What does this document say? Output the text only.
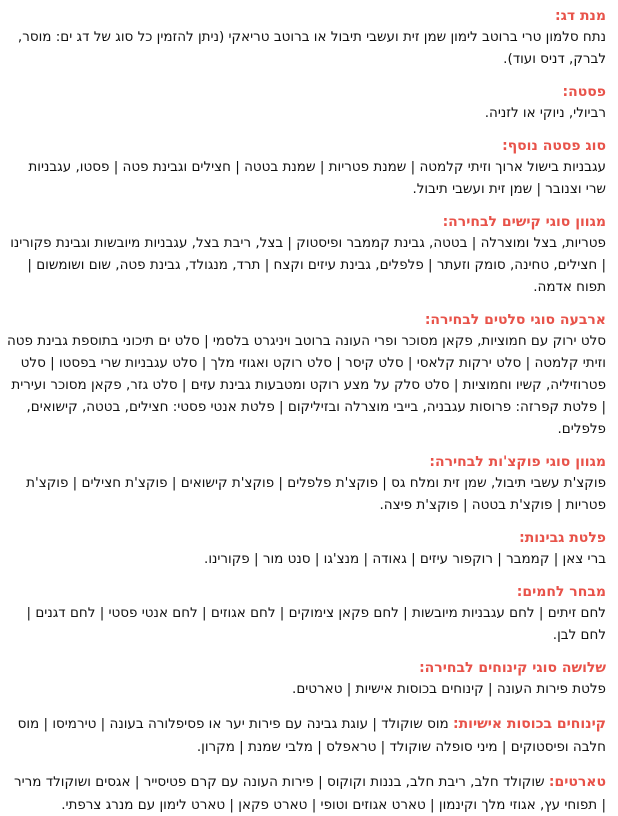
מנת דג:
נתח סלמון טרי ברוטב לימון שמן זית ועשבי תיבול או ברוטב טריאקי (ניתן להזמין כל סוג של דג ים: מוסר, לברק, דניס ועוד).
פסטה:
רביולי, ניוקי או לזניה.
סוג פסטה נוסף:
עגבניות בישול ארוך וזיתי קלמטה | שמנת פטריות | שמנת בטטה | חצילים וגבינת פטה | פסטו, עגבניות שרי וצנובר | שמן זית ועשבי תיבול.
מגוון סוגי קישים לבחירה:
פטריות, בצל ומוצרלה | בטטה, גבינת קממבר ופיסטוק | בצל, ריבת בצל, עגבניות מיובשות וגבינת פקורינו | חצילים, טחינה, סומק וזעתר | פלפלים, גבינת עיזים וקצח | תרד, מנגולד, גבינת פטה, שום ושומשום | תפוח אדמה.
ארבעה סוגי סלטים לבחירה:
סלט ירוק עם חמוציות, פקאן מסוכר ופרי העונה ברוטב ויניגרט בלסמי | סלט ים תיכוני בתוספת גבינת פטה וזיתי קלמטה | סלט ירקות קלאסי | סלט קיסר | סלט רוקט ואגוזי מלך | סלט עגבניות שרי בפסטו | סלט פטרוזיליה, קשיו וחמוציות | סלט סלק על מצע רוקט ומטבעות גבינת עזים | סלט גזר, פקאן מסוכר ועירית | פלטת קפרזה: פרוסות עגבניה, בייבי מוצרלה ובזיליקום | פלטת אנטי פסטי: חצילים, בטטה, קישואים, פלפלים.
מגוון סוגי פוקצ'ות לבחירה:
פוקצ'ת עשבי תיבול, שמן זית ומלח גס | פוקצ'ת פלפלים | פוקצ'ת קישואים | פוקצ'ת חצילים | פוקצ'ת פטריות | פוקצ'ת בטטה | פוקצ'ת פיצה.
פלטת גבינות:
ברי צאן | קממבר | רוקפור עיזים | גאודה | מנצ'גו | סנט מור | פקורינו.
מבחר לחמים:
לחם זיתים | לחם עגבניות מיובשות | לחם פקאן צימוקים | לחם אגוזים | לחם אנטי פסטי | לחם דגנים | לחם לבן.
שלושה סוגי קינוחים לבחירה:
פלטת פירות העונה | קינוחים בכוסות אישיות | טארטים.
קינוחים בכוסות אישיות: מוס שוקולד | עוגת גבינה עם פירות יער או פסיפלורה בעונה | טירמיסו | מוס חלבה ופיסטוקים | מיני סופלה שוקולד | טראפלס | מלבי שמנת | מקרון.
טארטים: שוקולד חלב, ריבת חלב, בננות וקוקוס | פירות העונה עם קרם פטיסייר | אגסים ושוקולד מריר | תפוחי עץ, אגוזי מלך וקינמון | טארט אגוזים וטופי | טארט פקאן | טארט לימון עם מנרג צרפתי.
